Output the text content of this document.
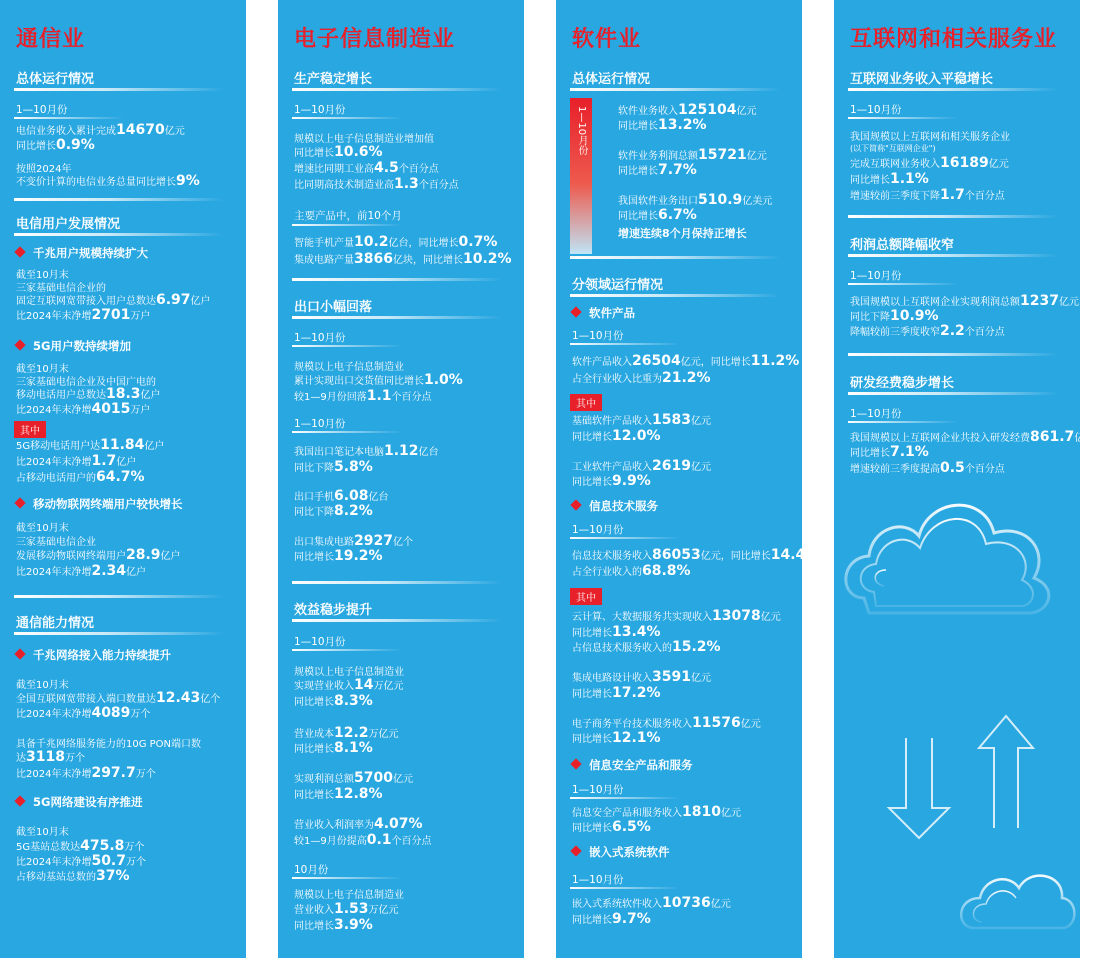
通信业
总体运行情况
1—10月份
电信业务收入累计完成14670亿元
同比增长0.9%
按照2024年
不变价计算的电信业务总量同比增长9%
电信用户发展情况
千兆用户规模持续扩大
截至10月末
三家基础电信企业的
固定互联网宽带接入用户总数达6.97亿户
比2024年末净增2701万户
5G用户数持续增加
截至10月末
三家基础电信企业及中国广电的
移动电话用户总数达18.3亿户
比2024年末净增4015万户
其中
5G移动电话用户达11.84亿户
比2024年末净增1.7亿户
占移动电话用户的64.7%
移动物联网终端用户较快增长
截至10月末
三家基础电信企业
发展移动物联网终端用户28.9亿户
比2024年末净增2.34亿户
通信能力情况
千兆网络接入能力持续提升
截至10月末
全国互联网宽带接入端口数量达12.43亿个
比2024年末净增4089万个
具备千兆网络服务能力的10G PON端口数
达3118万个
比2024年末净增297.7万个
5G网络建设有序推进
截至10月末
5G基站总数达475.8万个
比2024年末净增50.7万个
占移动基站总数的37%
电子信息制造业
生产稳定增长
1—10月份
规模以上电子信息制造业增加值
同比增长10.6%
增速比同期工业高4.5个百分点
比同期高技术制造业高1.3个百分点
主要产品中，前10个月
智能手机产量10.2亿台，同比增长0.7%
集成电路产量3866亿块，同比增长10.2%
出口小幅回落
1—10月份
规模以上电子信息制造业
累计实现出口交货值同比增长1.0%
较1—9月份回落1.1个百分点
1—10月份
我国出口笔记本电脑1.12亿台
同比下降5.8%
出口手机6.08亿台
同比下降8.2%
出口集成电路2927亿个
同比增长19.2%
效益稳步提升
1—10月份
规模以上电子信息制造业
实现营业收入14万亿元
同比增长8.3%
营业成本12.2万亿元
同比增长8.1%
实现利润总额5700亿元
同比增长12.8%
营业收入利润率为4.07%
较1—9月份提高0.1个百分点
10月份
规模以上电子信息制造业
营业收入1.53万亿元
同比增长3.9%
软件业
总体运行情况
1—10月份	软件业务收入125104亿元
同比增长13.2%
软件业务利润总额15721亿元
同比增长7.7%
我国软件业务出口510.9亿美元
同比增长6.7%
增速连续8个月保持正增长
分领域运行情况
软件产品
1—10月份
软件产品收入26504亿元，同比增长11.2%
占全行业收入比重为21.2%
其中
基础软件产品收入1583亿元
同比增长12.0%
工业软件产品收入2619亿元
同比增长9.9%
信息技术服务
1—10月份
信息技术服务收入86053亿元，同比增长14.4%
占全行业收入的68.8%
其中
云计算、大数据服务共实现收入13078亿元
同比增长13.4%
占信息技术服务收入的15.2%
集成电路设计收入3591亿元
同比增长17.2%
电子商务平台技术服务收入11576亿元
同比增长12.1%
信息安全产品和服务
1—10月份
信息安全产品和服务收入1810亿元
同比增长6.5%
嵌入式系统软件
1—10月份
嵌入式系统软件收入10736亿元
同比增长9.7%
互联网和相关服务业
互联网业务收入平稳增长
1—10月份
我国规模以上互联网和相关服务企业
(以下简称"互联网企业")
完成互联网业务收入16189亿元
同比增长1.1%
增速较前三季度下降1.7个百分点
利润总额降幅收窄
1—10月份
我国规模以上互联网企业实现利润总额1237亿元
同比下降10.9%
降幅较前三季度收窄2.2个百分点
研发经费稳步增长
1—10月份
我国规模以上互联网企业共投入研发经费861.7亿元
同比增长7.1%
增速较前三季度提高0.5个百分点
